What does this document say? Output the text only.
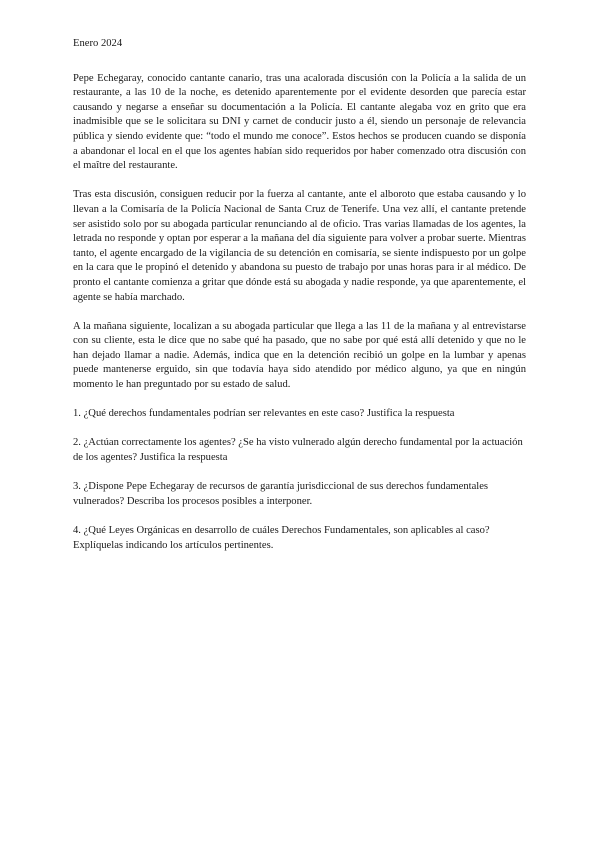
Enero 2024

Pepe Echegaray, conocido cantante canario, tras una acalorada discusión con la Policía a la salida de un restaurante, a las 10 de la noche, es detenido aparentemente por el evidente desorden que parecía estar causando y negarse a enseñar su documentación a la Policía. El cantante alegaba voz en grito que era inadmisible que se le solicitara su DNI y carnet de conducir justo a él, siendo un personaje de relevancia pública y siendo evidente que: “todo el mundo me conoce”. Estos hechos se producen cuando se disponía a abandonar el local en el que los agentes habían sido requeridos por haber comenzado otra discusión con el maître del restaurante.

Tras esta discusión, consiguen reducir por la fuerza al cantante, ante el alboroto que estaba causando y lo llevan a la Comisaría de la Policía Nacional de Santa Cruz de Tenerife. Una vez allí, el cantante pretende ser asistido solo por su abogada particular renunciando al de oficio. Tras varias llamadas de los agentes, la letrada no responde y optan por esperar a la mañana del día siguiente para volver a probar suerte. Mientras tanto, el agente encargado de la vigilancia de su detención en comisaría, se siente indispuesto por un golpe en la cara que le propinó el detenido y abandona su puesto de trabajo por unas horas para ir al médico. De pronto el cantante comienza a gritar que dónde está su abogada y nadie responde, ya que aparentemente, el agente se había marchado.

A la mañana siguiente, localizan a su abogada particular que llega a las 11 de la mañana y al entrevistarse con su cliente, esta le dice que no sabe qué ha pasado, que no sabe por qué está allí detenido y que no le han dejado llamar a nadie. Además, indica que en la detención recibió un golpe en la lumbar y apenas puede mantenerse erguido, sin que todavía haya sido atendido por médico alguno, ya que en ningún momento le han preguntado por su estado de salud.

1. ¿Qué derechos fundamentales podrían ser relevantes en este caso? Justifica la respuesta

2. ¿Actúan correctamente los agentes? ¿Se ha visto vulnerado algún derecho fundamental por la actuación de los agentes? Justifica la respuesta

3. ¿Dispone Pepe Echegaray de recursos de garantía jurisdiccional de sus derechos fundamentales vulnerados? Describa los procesos posibles a interponer.

4. ¿Qué Leyes Orgánicas en desarrollo de cuáles Derechos Fundamentales, son aplicables al caso? Explíquelas indicando los artículos pertinentes.
